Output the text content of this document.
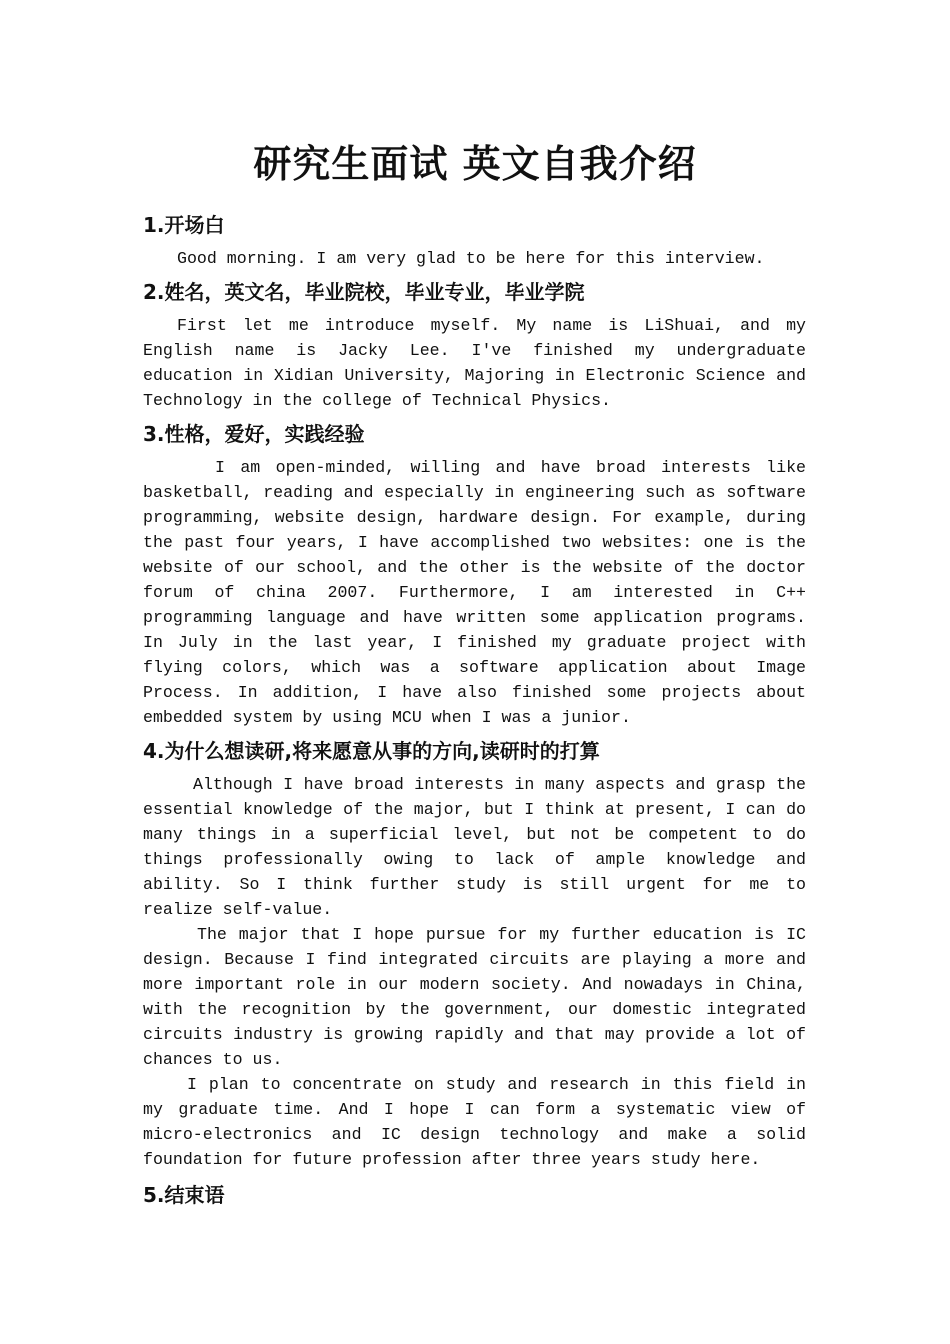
研究生面试 英文自我介绍
1.开场白

Good morning. I am very glad to be here for this interview.

2.姓名，英文名，毕业院校，毕业专业，毕业学院

First let me introduce myself. My name is LiShuai, and my English name is Jacky Lee. I've finished my undergraduate education in Xidian University, Majoring in Electronic Science and Technology in the college of Technical Physics.

3.性格，爱好，实践经验

I am open-minded, willing and have broad interests like basketball, reading and especially in engineering such as software programming, website design, hardware design. For example, during the past four years, I have accomplished two websites: one is the website of our school, and the other is the website of the doctor forum of china 2007. Furthermore, I am interested in C++ programming language and have written some application programs. In July in the last year, I finished my graduate project with flying colors, which was a software application about Image Process. In addition, I have also finished some projects about embedded system by using MCU when I was a junior.

4.为什么想读研,将来愿意从事的方向,读研时的打算

Although I have broad interests in many aspects and grasp the essential knowledge of the major, but I think at present, I can do many things in a superficial level, but not be competent to do things professionally owing to lack of ample knowledge and ability. So I think further study is still urgent for me to realize self-value.

The major that I hope pursue for my further education is IC design. Because I find integrated circuits are playing a more and more important role in our modern society. And nowadays in China, with the recognition by the government, our domestic integrated circuits industry is growing rapidly and that may provide a lot of chances to us.

I plan to concentrate on study and research in this field in my graduate time. And I hope I can form a systematic view of micro-electronics and IC design technology and make a solid foundation for future profession after three years study here.

5.结束语
